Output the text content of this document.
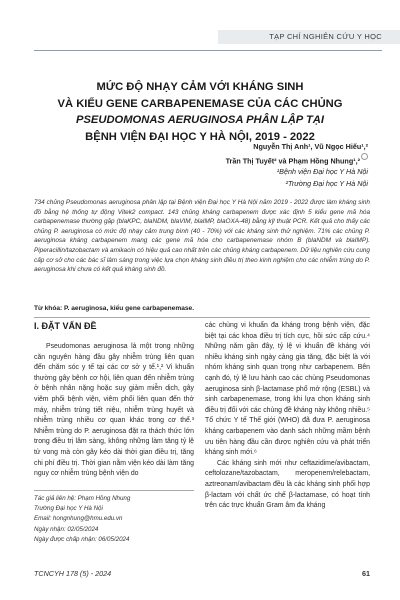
TẠP CHÍ NGHIÊN CỨU Y HỌC
MỨC ĐỘ NHẠY CẢM VỚI KHÁNG SINH
VÀ KIỂU GENE CARBAPENEMASE CỦA CÁC CHỦNG
PSEUDOMONAS AERUGINOSA PHÂN LẬP TẠI
BỆNH VIỆN ĐẠI HỌC Y HÀ NỘI, 2019 - 2022
Nguyễn Thị Anh¹, Vũ Ngọc Hiếu¹,²
Trần Thị Tuyết² và Phạm Hồng Nhung¹,²
¹Bệnh viện Đại học Y Hà Nội
²Trường Đại học Y Hà Nội
734 chủng Pseudomonas aeruginosa phân lập tại Bệnh viện Đại học Y Hà Nội năm 2019 - 2022 được làm kháng sinh đồ bằng hệ thống tự động Vitek2 compact. 143 chủng kháng carbapenem được xác định 5 kiểu gene mã hóa carbapenemase thường gặp (blaKPC, blaNDM, blaVIM, blaIMP, blaOXA-48) bằng kỹ thuật PCR. Kết quả cho thấy các chủng P. aeruginosa có mức độ nhạy cảm trung bình (40 - 70%) với các kháng sinh thử nghiệm. 71% các chủng P. aeruginosa kháng carbapenem mang các gene mã hóa cho carbapenemase nhóm B (blaNDM và blaIMP). Piperacillin/tazobactam và amikacin có hiệu quả cao nhất trên các chủng kháng carbapenem. Dữ liệu nghiên cứu cung cấp cơ sở cho các bác sĩ lâm sàng trong việc lựa chọn kháng sinh điều trị theo kinh nghiệm cho các nhiễm trùng do P. aeruginosa khi chưa có kết quả kháng sinh đồ.
Từ khóa: P. aeruginosa, kiểu gene carbapenemase.
I. ĐẶT VẤN ĐỀ

Pseudomonas aeruginosa là một trong những căn nguyên hàng đầu gây nhiễm trùng liên quan đến chăm sóc y tế tại các cơ sở y tế.¹,² Vi khuẩn thường gây bệnh cơ hội, liên quan đến nhiễm trùng ở bệnh nhân nặng hoặc suy giảm miễn dịch, gây viêm phổi bệnh viện, viêm phổi liên quan đến thở máy, nhiễm trùng tiết niệu, nhiễm trùng huyết và nhiễm trùng nhiều cơ quan khác trong cơ thể.³ Nhiễm trùng do P. aeruginosa đặt ra thách thức lớn trong điều trị lâm sàng, không những làm tăng tỷ lệ tử vong mà còn gây kéo dài thời gian điều trị, tăng chi phí điều trị. Thời gian nằm viện kéo dài làm tăng nguy cơ nhiễm trùng bệnh viện do

Tác giả liên hệ: Phạm Hồng Nhung
Trường Đại học Y Hà Nội
Email: hongnhung@hmu.edu.vn
Ngày nhận: 02/05/2024
Ngày được chấp nhận: 06/05/2024

các chủng vi khuẩn đa kháng trong bệnh viện, đặc biệt tại các khoa điều trị tích cực, hồi sức cấp cứu.⁴ Những năm gần đây, tỷ lệ vi khuẩn đề kháng với nhiều kháng sinh ngày càng gia tăng, đặc biệt là với nhóm kháng sinh quan trọng như carbapenem. Bên cạnh đó, tỷ lệ lưu hành cao các chủng Pseudomonas aeruginosa sinh β-lactamase phổ mở rộng (ESBL) và sinh carbapenemase, trong khi lựa chọn kháng sinh điều trị đối với các chủng đề kháng này không nhiều.⁵ Tổ chức Y tế Thế giới (WHO) đã đưa P. aeruginosa kháng carbapenem vào danh sách những mầm bệnh ưu tiên hàng đầu cần được nghiên cứu và phát triển kháng sinh mới.⁶

Các kháng sinh mới như ceftazidime/avibactam, ceftolozane/tazobactam, meropenem/relebactam, aztreonam/avibactam đều là các kháng sinh phối hợp β-lactam với chất ức chế β-lactamase, có hoạt tính trên các trực khuẩn Gram âm đa kháng

TCNCYH 178 (5) - 2024	61
